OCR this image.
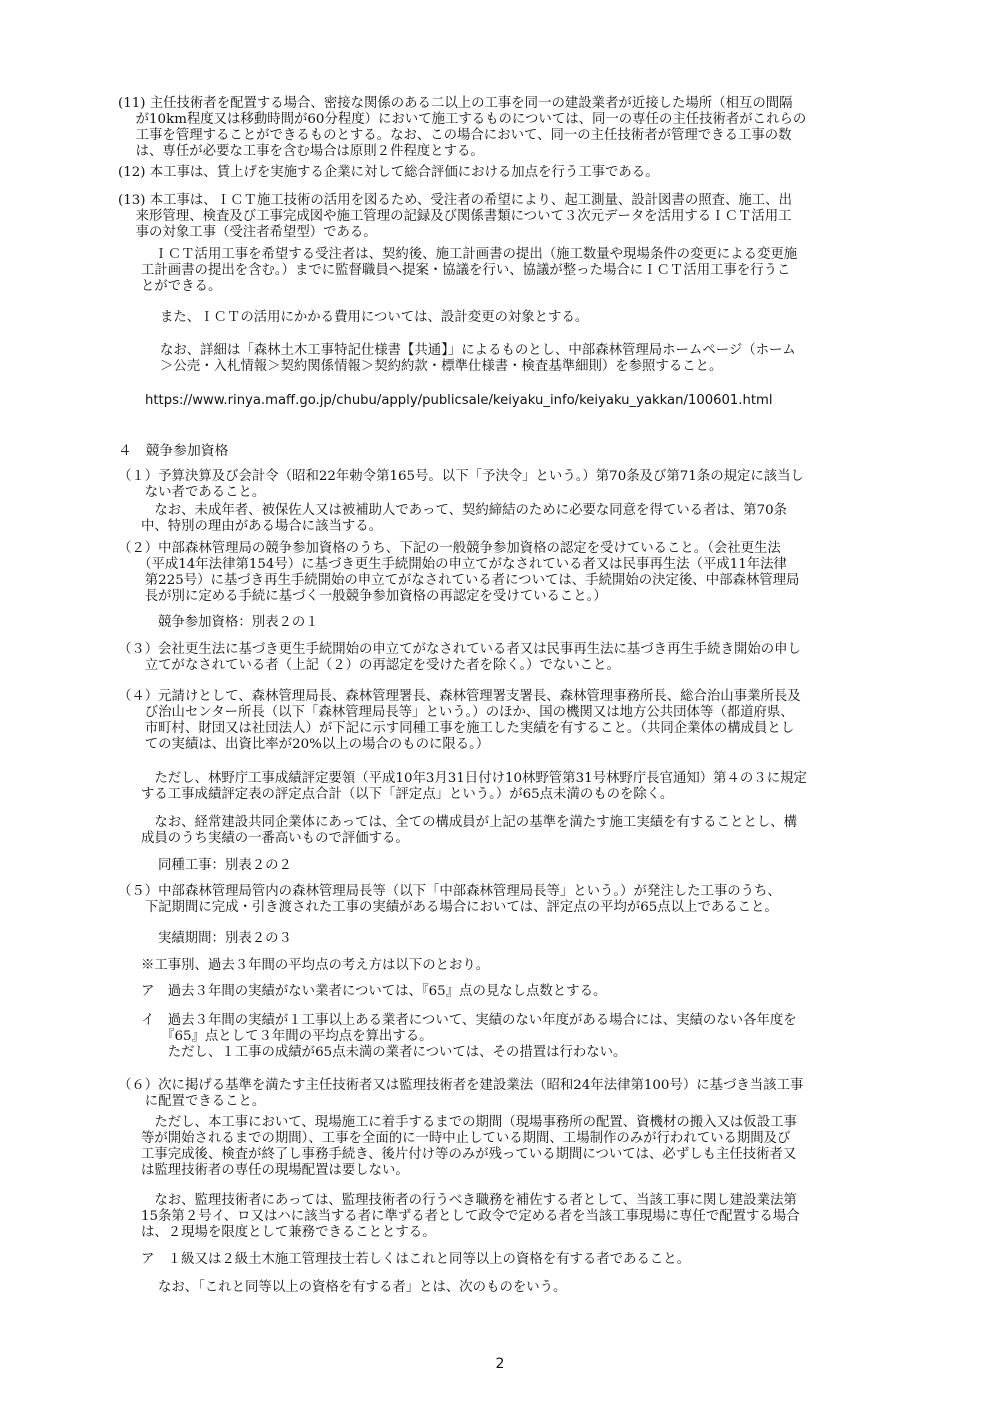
(11) 主任技術者を配置する場合、密接な関係のある二以上の工事を同一の建設業者が近接した場所（相互の間隔
　 が10km程度又は移動時間が60分程度）において施工するものについては、同一の専任の主任技術者がこれらの
　 工事を管理することができるものとする。なお、この場合において、同一の主任技術者が管理できる工事の数
　 は、専任が必要な工事を含む場合は原則２件程度とする。

(12) 本工事は、賃上げを実施する企業に対して総合評価における加点を行う工事である。

(13) 本工事は、ＩＣＴ施工技術の活用を図るため、受注者の希望により、起工測量、設計図書の照査、施工、出
　 来形管理、検査及び工事完成図や施工管理の記録及び関係書類について３次元データを活用するＩＣＴ活用工
　 事の対象工事（受注者希望型）である。

　ＩＣＴ活用工事を希望する受注者は、契約後、施工計画書の提出（施工数量や現場条件の変更による変更施
工計画書の提出を含む。）までに監督職員へ提案・協議を行い、協議が整った場合にＩＣＴ活用工事を行うこ
とができる。

また、ＩＣＴの活用にかかる費用については、設計変更の対象とする。

なお、詳細は「森林土木工事特記仕様書【共通】」によるものとし、中部森林管理局ホームページ（ホーム
＞公売・入札情報＞契約関係情報＞契約約款・標準仕様書・検査基準細則）を参照すること。

https://www.rinya.maff.go.jp/chubu/apply/publicsale/keiyaku_info/keiyaku_yakkan/100601.html

４　競争参加資格

（１）予算決算及び会計令（昭和22年勅令第165号。以下「予決令」という。）第70条及び第71条の規定に該当し
　　ない者であること。

　なお、未成年者、被保佐人又は被補助人であって、契約締結のために必要な同意を得ている者は、第70条
中、特別の理由がある場合に該当する。

（２）中部森林管理局の競争参加資格のうち、下記の一般競争参加資格の認定を受けていること。（会社更生法
　　（平成14年法律第154号）に基づき更生手続開始の申立てがなされている者又は民事再生法（平成11年法律
　　第225号）に基づき再生手続開始の申立てがなされている者については、手続開始の決定後、中部森林管理局
　　長が別に定める手続に基づく一般競争参加資格の再認定を受けていること。）

競争参加資格：別表２の１

（３）会社更生法に基づき更生手続開始の申立てがなされている者又は民事再生法に基づき再生手続き開始の申し
　　立てがなされている者（上記（２）の再認定を受けた者を除く。）でないこと。

（４）元請けとして、森林管理局長、森林管理署長、森林管理署支署長、森林管理事務所長、総合治山事業所長及
　　び治山センター所長（以下「森林管理局長等」という。）のほか、国の機関又は地方公共団体等（都道府県、
　　市町村、財団又は社団法人）が下記に示す同種工事を施工した実績を有すること。（共同企業体の構成員とし
　　ての実績は、出資比率が20%以上の場合のものに限る。）

　ただし、林野庁工事成績評定要領（平成10年3月31日付け10林野管第31号林野庁長官通知）第４の３に規定
する工事成績評定表の評定点合計（以下「評定点」という。）が65点未満のものを除く。

　なお、経常建設共同企業体にあっては、全ての構成員が上記の基準を満たす施工実績を有することとし、構
成員のうち実績の一番高いもので評価する。

同種工事：別表２の２

（５）中部森林管理局管内の森林管理局長等（以下「中部森林管理局長等」という。）が発注した工事のうち、
　　下記期間に完成・引き渡された工事の実績がある場合においては、評定点の平均が65点以上であること。

実績期間：別表２の３

※工事別、過去３年間の平均点の考え方は以下のとおり。

ア　過去３年間の実績がない業者については、『65』点の見なし点数とする。

イ　過去３年間の実績が１工事以上ある業者について、実績のない年度がある場合には、実績のない各年度を
　　『65』点として３年間の平均点を算出する。
　　ただし、１工事の成績が65点未満の業者については、その措置は行わない。

（６）次に掲げる基準を満たす主任技術者又は監理技術者を建設業法（昭和24年法律第100号）に基づき当該工事
　　に配置できること。

　ただし、本工事において、現場施工に着手するまでの期間（現場事務所の配置、資機材の搬入又は仮設工事
等が開始されるまでの期間）、工事を全面的に一時中止している期間、工場制作のみが行われている期間及び
工事完成後、検査が終了し事務手続き、後片付け等のみが残っている期間については、必ずしも主任技術者又
は監理技術者の専任の現場配置は要しない。

　なお、監理技術者にあっては、監理技術者の行うべき職務を補佐する者として、当該工事に関し建設業法第
15条第２号イ、ロ又はハに該当する者に準ずる者として政令で定める者を当該工事現場に専任で配置する場合
は、２現場を限度として兼務できることとする。

ア　１級又は２級土木施工管理技士若しくはこれと同等以上の資格を有する者であること。

なお、「これと同等以上の資格を有する者」とは、次のものをいう。

2
